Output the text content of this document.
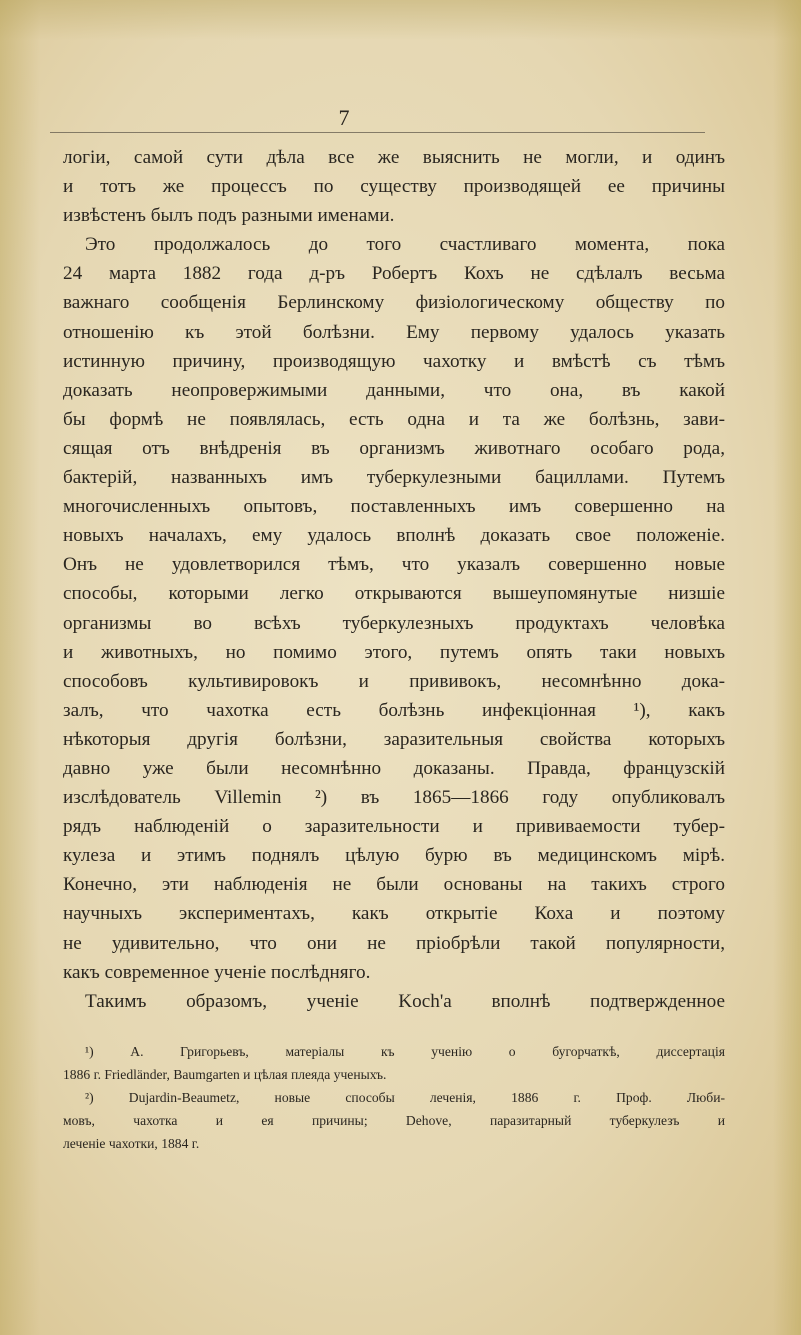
7
логіи, самой сути дѣла все же выяснить не могли, и одинъ
и тотъ же процессъ по существу производящей ее причины
извѣстенъ былъ подъ разными именами.
Это продолжалось до того счастливаго момента, пока
24 марта 1882 года д-ръ Робертъ Кохъ не сдѣлалъ весьма
важнаго сообщенія Берлинскому физіологическому обществу по
отношенію къ этой болѣзни. Ему первому удалось указать
истинную причину, производящую чахотку и вмѣстѣ съ тѣмъ
доказать неопровержимыми данными, что она, въ какой
бы формѣ не появлялась, есть одна и та же болѣзнь, зави-
сящая отъ внѣдренія въ организмъ животнаго особаго рода,
бактерій, названныхъ имъ туберкулезными бациллами. Путемъ
многочисленныхъ опытовъ, поставленныхъ имъ совершенно на
новыхъ началахъ, ему удалось вполнѣ доказать свое положеніе.
Онъ не удовлетворился тѣмъ, что указалъ совершенно новые
способы, которыми легко открываются вышеупомянутые низшіе
организмы во всѣхъ туберкулезныхъ продуктахъ человѣка
и животныхъ, но помимо этого, путемъ опять таки новыхъ
способовъ культивировокъ и прививокъ, несомнѣнно дока-
залъ, что чахотка есть болѣзнь инфекціонная ¹), какъ
нѣкоторыя другія болѣзни, заразительныя свойства которыхъ
давно уже были несомнѣнно доказаны. Правда, французскій
изслѣдователь Villemin ²) въ 1865—1866 году опубликовалъ
рядъ наблюденій о заразительности и прививаемости тубер-
кулеза и этимъ поднялъ цѣлую бурю въ медицинскомъ мірѣ.
Конечно, эти наблюденія не были основаны на такихъ строго
научныхъ экспериментахъ, какъ открытіе Коха и поэтому
не удивительно, что они не пріобрѣли такой популярности,
какъ современное ученіе послѣдняго.
Такимъ образомъ, ученіе Koch'а вполнѣ подтвержденное
¹) А. Григорьевъ, матеріалы къ ученію о бугорчаткѣ, диссертація
1886 г. Friedländer, Baumgarten и цѣлая плеяда ученыхъ.
²) Dujardin-Beaumetz, новые способы леченія, 1886 г. Проф. Люби-
мовъ, чахотка и ея причины; Dehove, паразитарный туберкулезъ и
леченіе чахотки, 1884 г.
